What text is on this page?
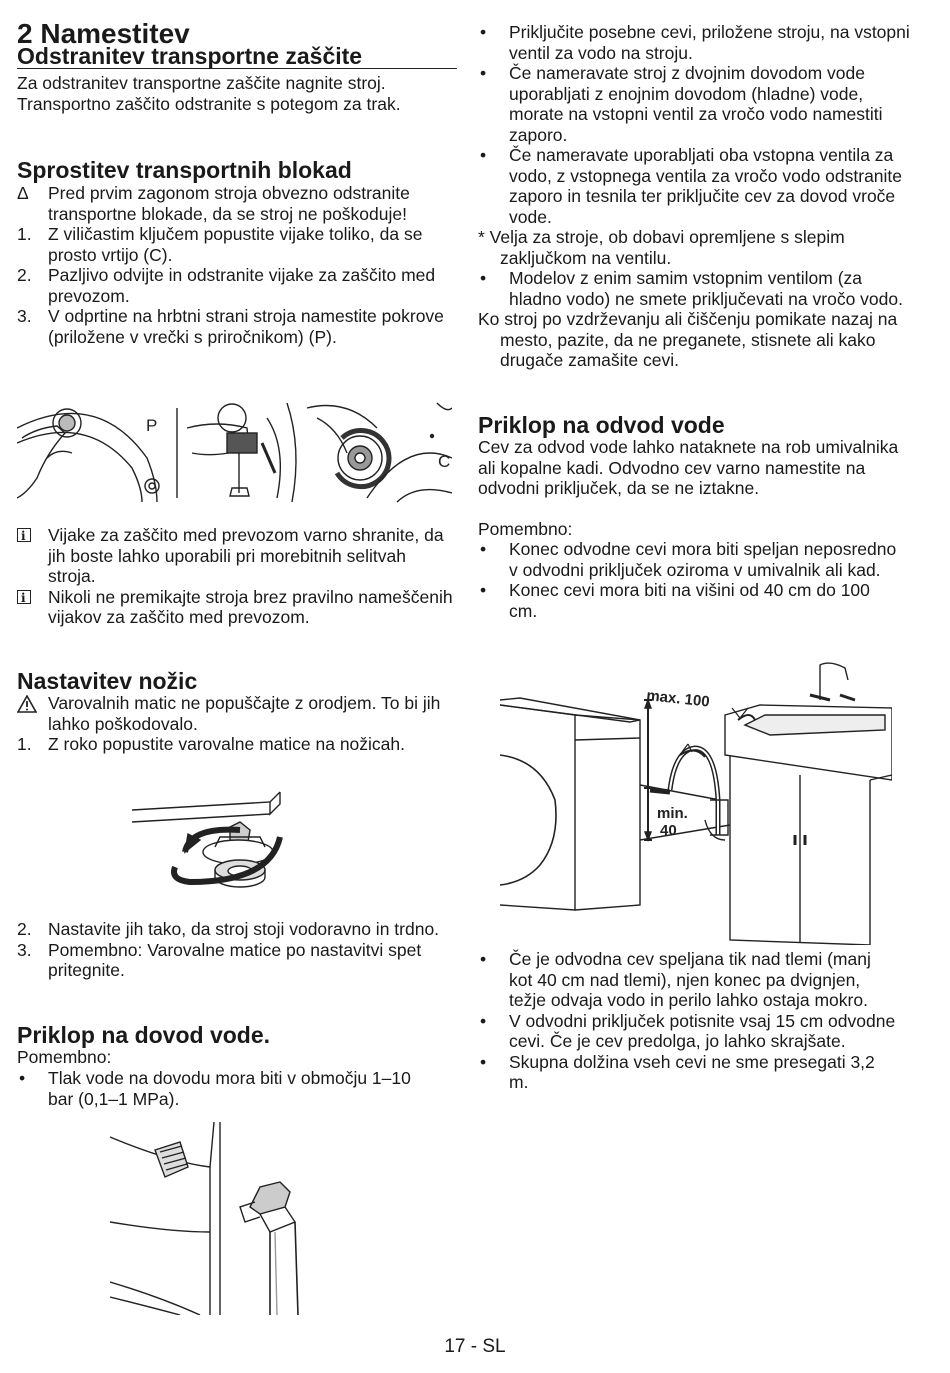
2 Namestitev
Odstranitev transportne zaščite

Za odstranitev transportne zaščite nagnite stroj. Transportno zaščito odstranite s potegom za trak.

Sprostitev transportnih blokad
Δ Pred prvim zagonom stroja obvezno odstranite transportne blokade, da se stroj ne poškoduje!
1. Z viličastim ključem popustite vijake toliko, da se prosto vrtijo (C).
2. Pazljivo odvijte in odstranite vijake za zaščito med prevozom.
3. V odprtine na hrbtni strani stroja namestite pokrove (priložene v vrečki s priročnikom) (P).
P
C
i
Vijake za zaščito med prevozom varno shranite, da jih boste lahko uporabili pri morebitnih selitvah stroja.
i
Nikoli ne premikajte stroja brez pravilno nameščenih vijakov za zaščito med prevozom.
Nastavitev nožic
Varovalnih matic ne popuščajte z orodjem. To bi jih lahko poškodovalo.
1. Z roko popustite varovalne matice na nožicah.
2. Nastavite jih tako, da stroj stoji vodoravno in trdno.
3. Pomembno: Varovalne matice po nastavitvi spet pritegnite.
Priklop na dovod vode.

Pomembno:

• Tlak vode na dovodu mora biti v območju 1–10 bar (0,1–1 MPa).
• Priključite posebne cevi, priložene stroju, na vstopni ventil za vodo na stroju.
• Če nameravate stroj z dvojnim dovodom vode uporabljati z enojnim dovodom (hladne) vode, morate na vstopni ventil za vročo vodo namestiti zaporo.
• Če nameravate uporabljati oba vstopna ventila za vodo, z vstopnega ventila za vročo vodo odstranite zaporo in tesnila ter priključite cev za dovod vroče vode.
* Velja za stroje, ob dobavi opremljene s slepim zaključkom na ventilu.
• Modelov z enim samim vstopnim ventilom (za hladno vodo) ne smete priključevati na vročo vodo.
Ko stroj po vzdrževanju ali čiščenju pomikate nazaj na mesto, pazite, da ne preganete, stisnete ali kako drugače zamašite cevi.
Priklop na odvod vode

Cev za odvod vode lahko nataknete na rob umivalnika ali kopalne kadi. Odvodno cev varno namestite na odvodni priključek, da se ne iztakne.

Pomembno:

• Konec odvodne cevi mora biti speljan neposredno v odvodni priključek oziroma v umivalnik ali kad.
• Konec cevi mora biti na višini od 40 cm do 100 cm.
max. 100
min.
40
• Če je odvodna cev speljana tik nad tlemi (manj kot 40 cm nad tlemi), njen konec pa dvignjen, težje odvaja vodo in perilo lahko ostaja mokro.
• V odvodni priključek potisnite vsaj 15 cm odvodne cevi. Če je cev predolga, jo lahko skrajšate.
• Skupna dolžina vseh cevi ne sme presegati 3,2 m.
17 - SL
